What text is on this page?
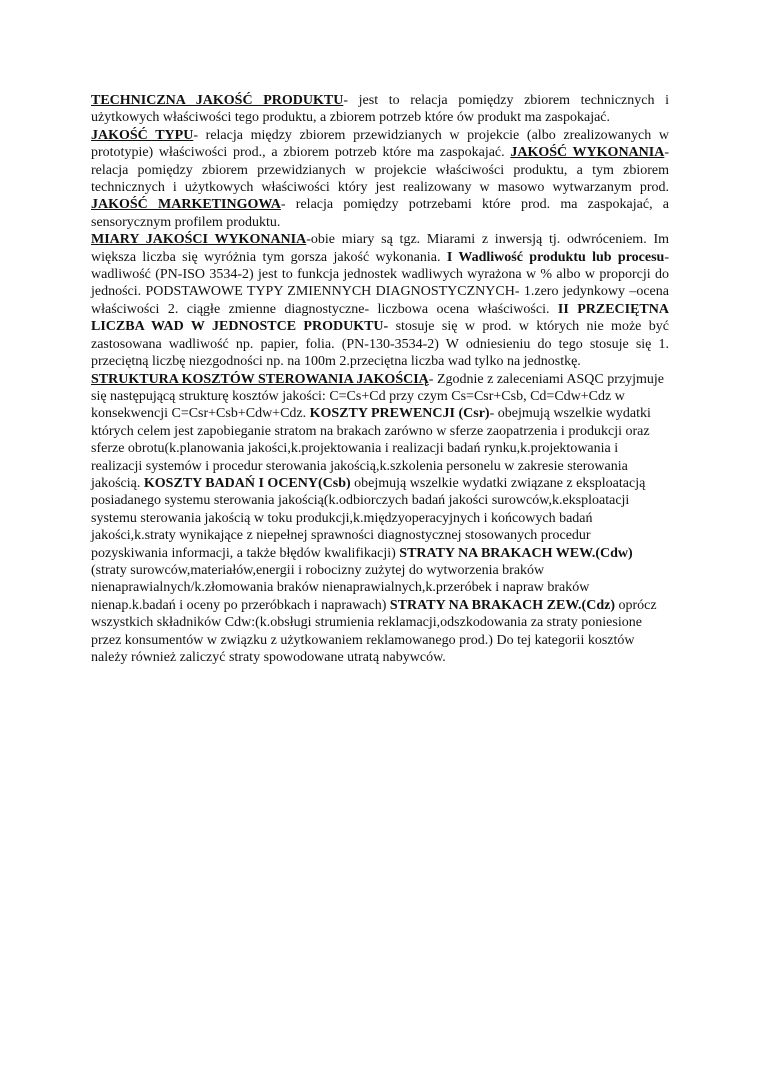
TECHNICZNA JAKOŚĆ PRODUKTU- jest to relacja pomiędzy zbiorem technicznych i użytkowych właściwości tego produktu, a zbiorem potrzeb które ów produkt ma zaspokajać.

JAKOŚĆ TYPU- relacja między zbiorem przewidzianych w projekcie (albo zrealizowanych w prototypie) właściwości prod., a zbiorem potrzeb które ma zaspokajać. JAKOŚĆ WYKONANIA- relacja pomiędzy zbiorem przewidzianych w projekcie właściwości produktu, a tym zbiorem technicznych i użytkowych właściwości który jest realizowany w masowo wytwarzanym prod. JAKOŚĆ MARKETINGOWA- relacja pomiędzy potrzebami które prod. ma zaspokajać, a sensorycznym profilem produktu.

MIARY JAKOŚCI WYKONANIA-obie miary są tgz. Miarami z inwersją tj. odwróceniem. Im większa liczba się wyróżnia tym gorsza jakość wykonania. I Wadliwość produktu lub procesu- wadliwość (PN-ISO 3534-2) jest to funkcja jednostek wadliwych wyrażona w % albo w proporcji do jedności. PODSTAWOWE TYPY ZMIENNYCH DIAGNOSTYCZNYCH- 1.zero jedynkowy –ocena właściwości 2. ciągłe zmienne diagnostyczne- liczbowa ocena właściwości. II PRZECIĘTNA LICZBA WAD W JEDNOSTCE PRODUKTU- stosuje się w prod. w których nie może być zastosowana wadliwość np. papier, folia. (PN-130-3534-2) W odniesieniu do tego stosuje się 1. przeciętną liczbę niezgodności np. na 100m 2.przeciętna liczba wad tylko na jednostkę.

STRUKTURA KOSZTÓW STEROWANIA JAKOŚCIĄ- Zgodnie z zaleceniami ASQC przyjmuje się następującą strukturę kosztów jakości: C=Cs+Cd przy czym Cs=Csr+Csb, Cd=Cdw+Cdz w konsekwencji C=Csr+Csb+Cdw+Cdz. KOSZTY PREWENCJI (Csr)- obejmują wszelkie wydatki których celem jest zapobieganie stratom na brakach zarówno w sferze zaopatrzenia i produkcji oraz sferze obrotu(k.planowania jakości,k.projektowania i realizacji badań rynku,k.projektowania i realizacji systemów i procedur sterowania jakością,k.szkolenia personelu w zakresie sterowania jakością. KOSZTY BADAŃ I OCENY(Csb) obejmują wszelkie wydatki związane z eksploatacją posiadanego systemu sterowania jakością(k.odbiorczych badań jakości surowców,k.eksploatacji systemu sterowania jakością w toku produkcji,k.międzyoperacyjnych i końcowych badań jakości,k.straty wynikające z niepełnej sprawności diagnostycznej stosowanych procedur pozyskiwania informacji, a także błędów kwalifikacji) STRATY NA BRAKACH WEW.(Cdw) (straty surowców,materiałów,energii i robocizny zużytej do wytworzenia braków nienaprawialnych/k.złomowania braków nienaprawialnych,k.przeróbek i napraw braków nienap.k.badań i oceny po przeróbkach i naprawach) STRATY NA BRAKACH ZEW.(Cdz) oprócz wszystkich składników Cdw:(k.obsługi strumienia reklamacji,odszkodowania za straty poniesione przez konsumentów w związku z użytkowaniem reklamowanego prod.) Do tej kategorii kosztów należy również zaliczyć straty spowodowane utratą nabywców.
